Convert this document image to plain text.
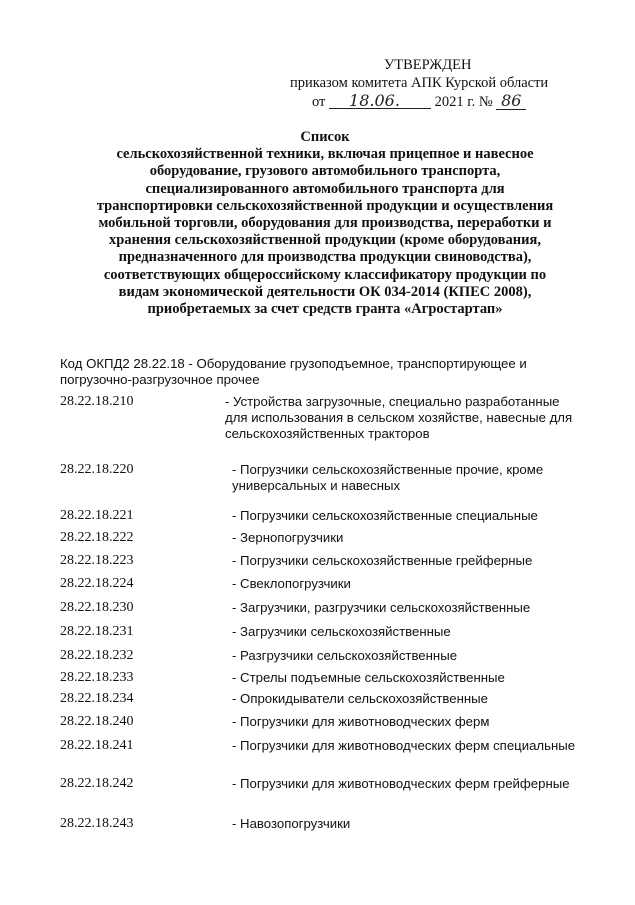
УТВЕРЖДЕН
приказом комитета АПК Курской области
от 18.06. 2021 г. № 86
Список
сельскохозяйственной техники, включая прицепное и навесное
оборудование, грузового автомобильного транспорта,
специализированного автомобильного транспорта для
транспортировки сельскохозяйственной продукции и осуществления
мобильной торговли, оборудования для производства, переработки и
хранения сельскохозяйственной продукции (кроме оборудования,
предназначенного для производства продукции свиноводства),
соответствующих общероссийскому классификатору продукции по
видам экономической деятельности ОК 034-2014 (КПЕС 2008),
приобретаемых за счет средств гранта «Агростартап»
Код ОКПД2 28.22.18 - Оборудование грузоподъемное, транспортирующее и погрузочно-разгрузочное прочее
28.22.18.210	- Устройства загрузочные, специально разработанные для использования в сельском хозяйстве, навесные для сельскохозяйственных тракторов
28.22.18.220	- Погрузчики сельскохозяйственные прочие, кроме универсальных и навесных
28.22.18.221	- Погрузчики сельскохозяйственные специальные
28.22.18.222	- Зернопогрузчики
28.22.18.223	- Погрузчики сельскохозяйственные грейферные
28.22.18.224	- Свеклопогрузчики
28.22.18.230	- Загрузчики, разгрузчики сельскохозяйственные
28.22.18.231	- Загрузчики сельскохозяйственные
28.22.18.232	- Разгрузчики сельскохозяйственные
28.22.18.233	- Стрелы подъемные сельскохозяйственные
28.22.18.234	- Опрокидыватели сельскохозяйственные
28.22.18.240	- Погрузчики для животноводческих ферм
28.22.18.241	- Погрузчики для животноводческих ферм специальные
28.22.18.242	- Погрузчики для животноводческих ферм грейферные
28.22.18.243	- Навозопогрузчики
